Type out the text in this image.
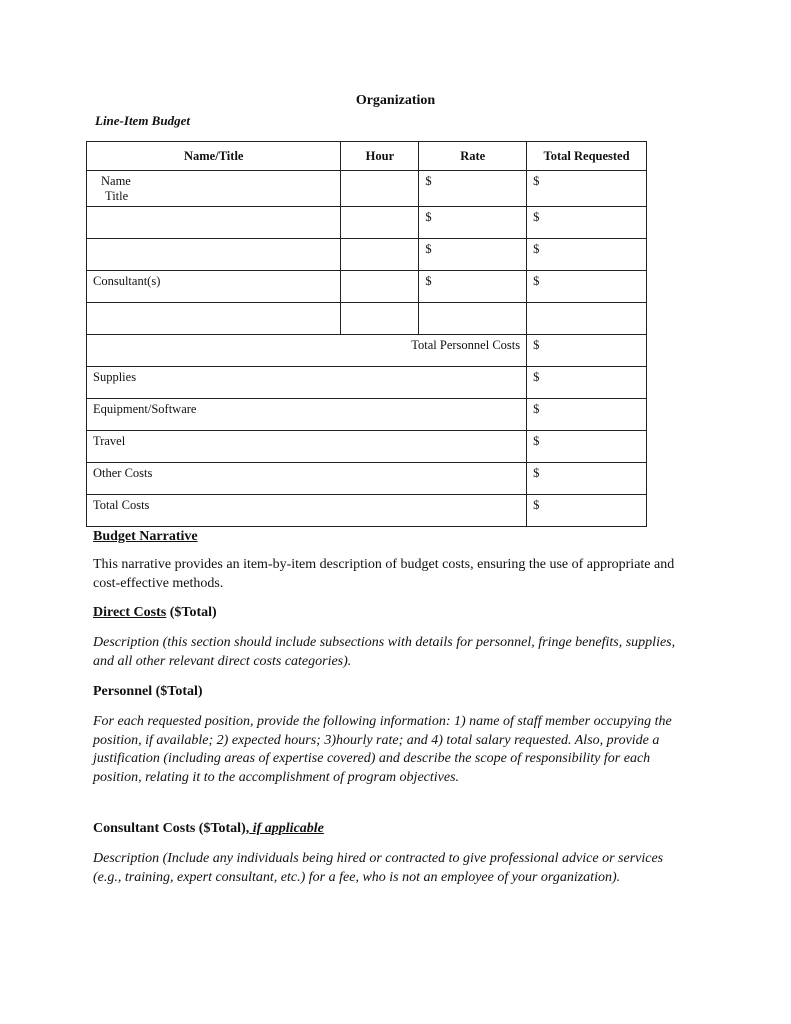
Organization
Line-Item Budget
Name/Title	Hour	Rate	Total Requested

Name
Title		$	$
		$	$
		$	$
Consultant(s)		$	$

Total Personnel Costs			$
Supplies			$
Equipment/Software			$
Travel			$
Other Costs			$
Total Costs			$
Budget Narrative
This narrative provides an item-by-item description of budget costs, ensuring the use of appropriate and cost-effective methods.
Direct Costs ($Total)
Description (this section should include subsections with details for personnel, fringe benefits, supplies, and all other relevant direct costs categories).
Personnel ($Total)
For each requested position, provide the following information: 1) name of staff member occupying the position, if available; 2) expected hours; 3)hourly rate; and 4) total salary requested. Also, provide a justification (including areas of expertise covered) and describe the scope of responsibility for each position, relating it to the accomplishment of program objectives.
Consultant Costs ($Total), if applicable
Description (Include any individuals being hired or contracted to give professional advice or services (e.g., training, expert consultant, etc.) for a fee, who is not an employee of your organization).
